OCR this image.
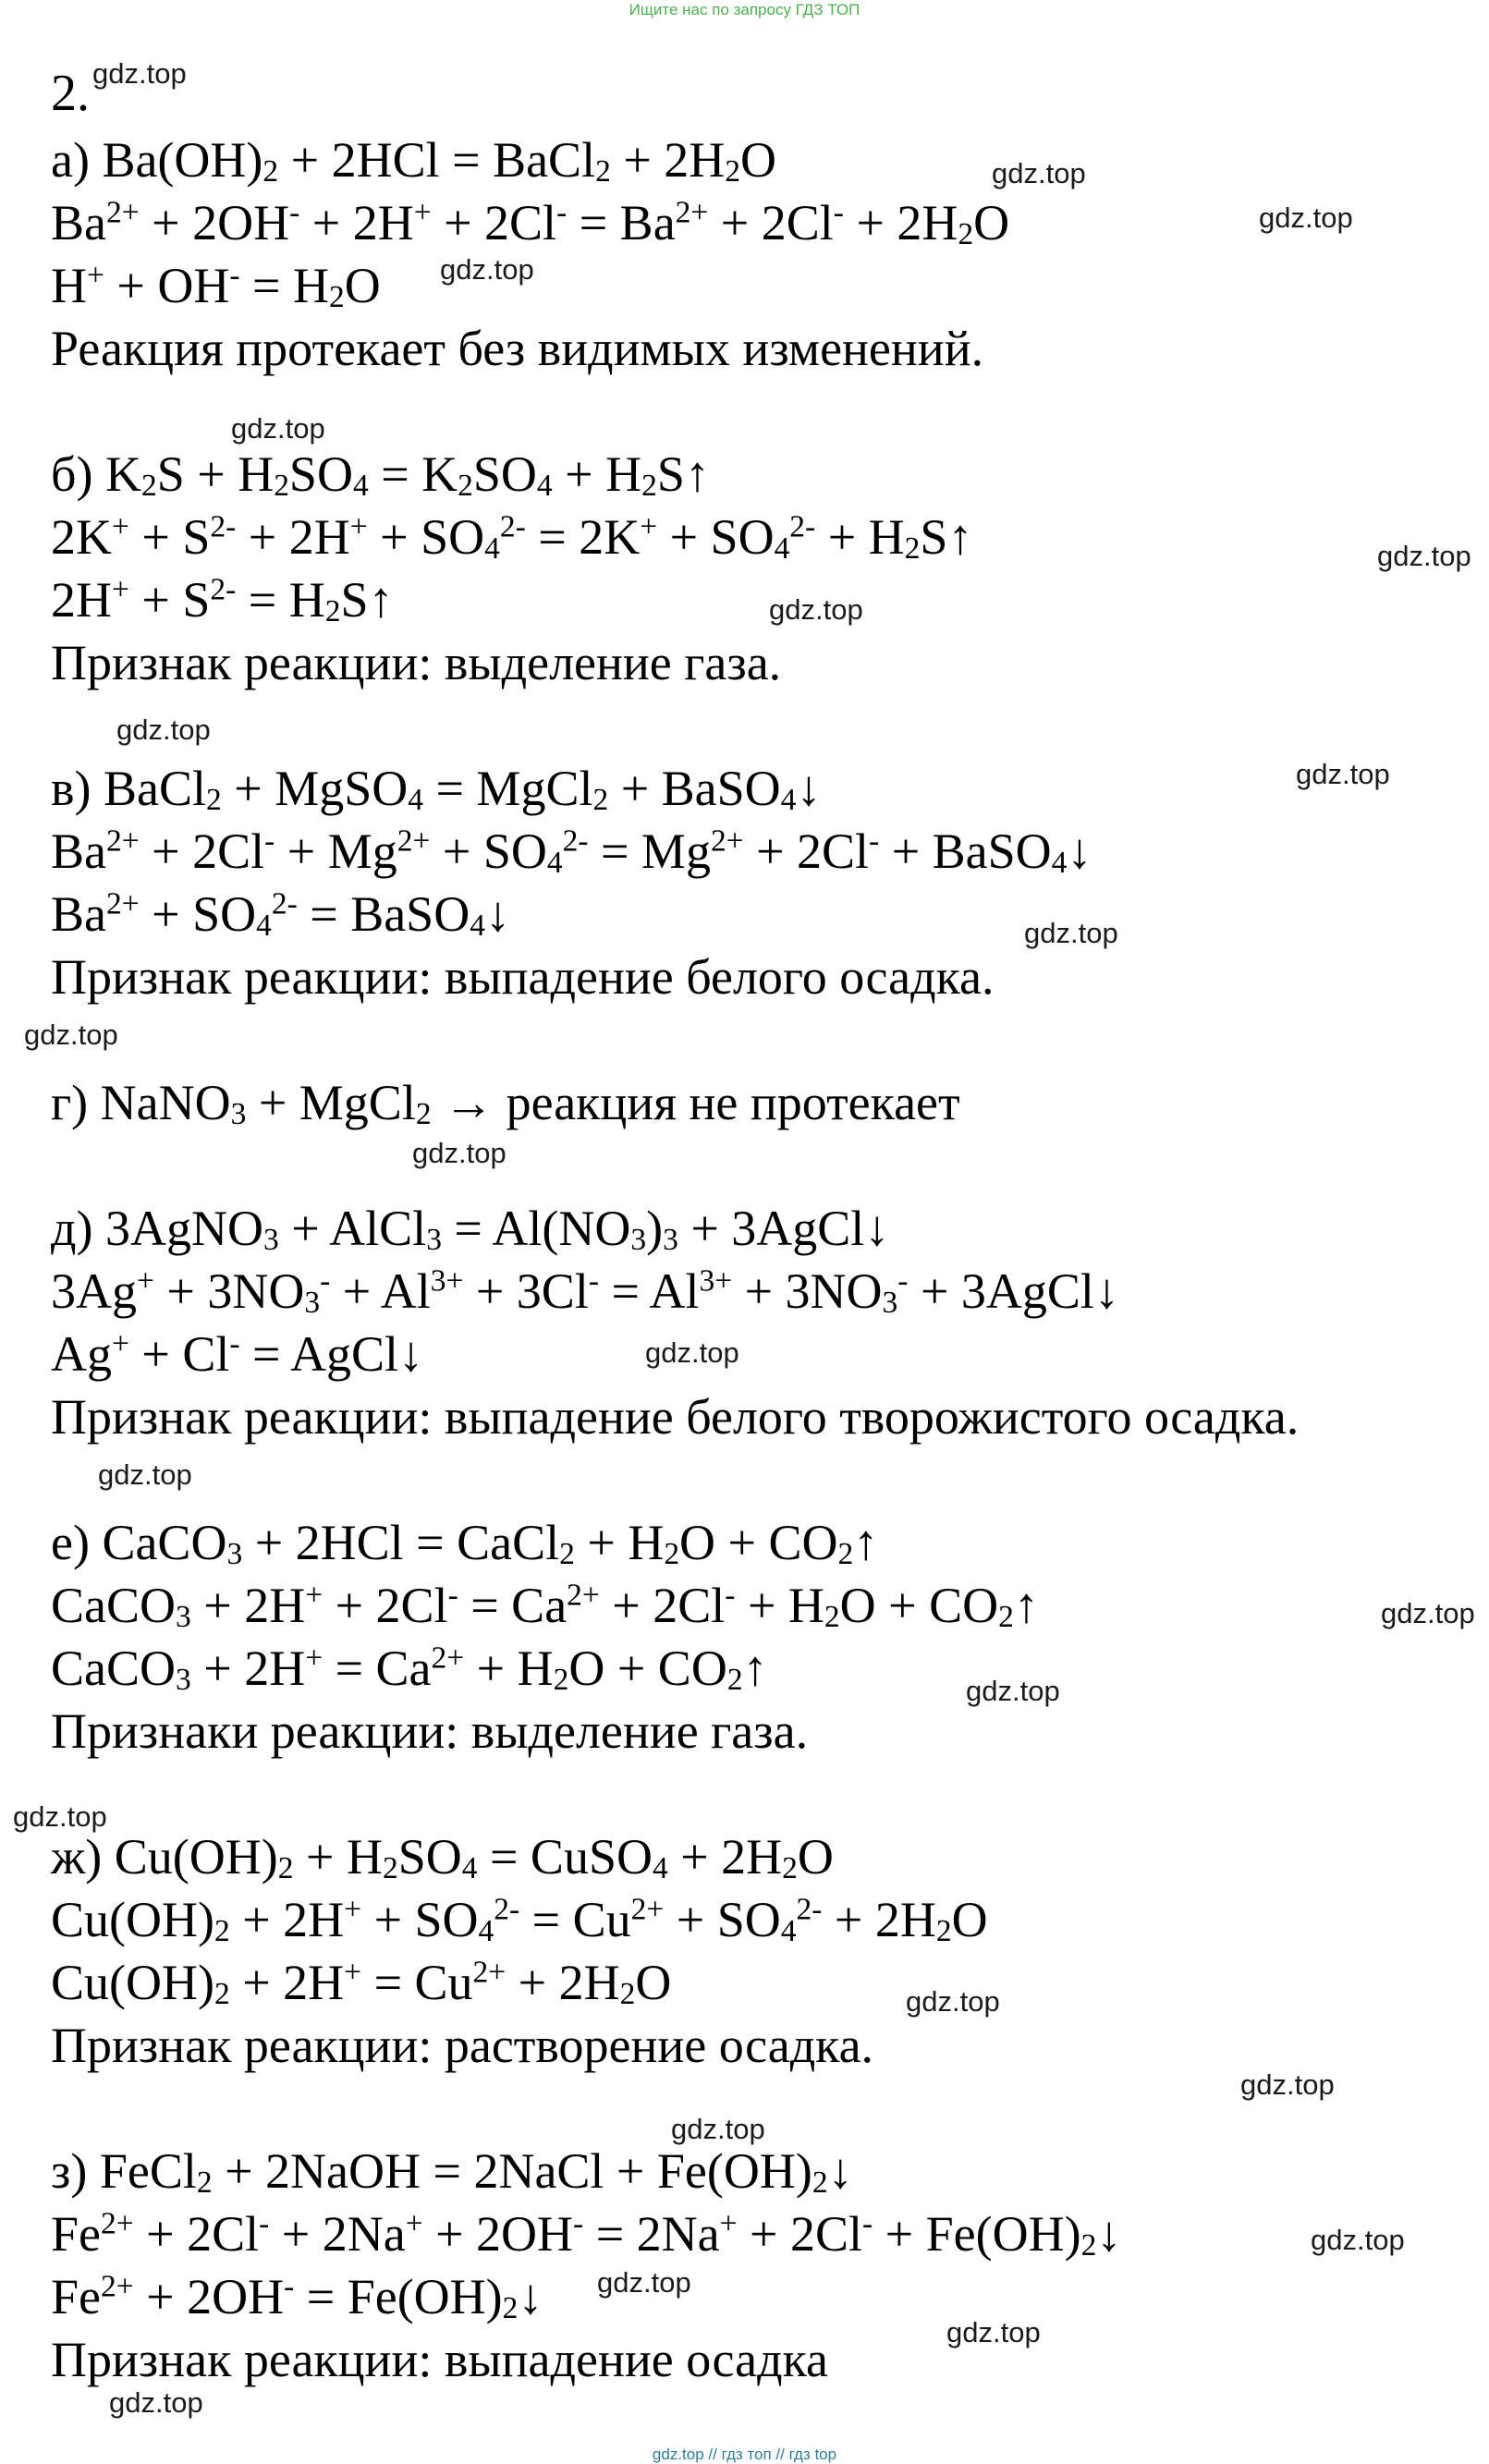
Ищите нас по запросу ГДЗ ТОП
2.
а) $Ba(OH)_2 + 2HCl$ = BaCl$_2$ + $2H_2O$
$Ba^{2+} + 2OH^- + 2H^+ + 2Cl^- = Ba^{2+} + 2Cl^- + 2H_2O$
$H^+ + OH^- = H_2O$
Реакция протекает без видимых изменений.
б) $K_2S + H_2SO_4 = K_2SO_4$ + $H_2S↑$
$2K^+ + S^{2-} + 2H^+ + SO_4^{2-} = 2K^+ + SO_4^{2-}$ + $H_2S↑$
$2H^+ + S^{2-}$ = $H_2S↑$
Признак реакции: выделение газа.
в) BaCl$_2$ + MgSO$_4$ = MgCl$_2$ + BaSO$_4$↓
$Ba^{2+} + 2Cl^- + Mg^{2+} + SO_4^{2-} = Mg^{2+} + 2Cl^-$ + BaSO$_4$↓
$Ba^{2+} + SO_4^{2-}$ = BaSO$_4$↓
Признак реакции: выпадение белого осадка.
г) NaNO$_3$ + MgCl$_2$ → реакция не протекает
д) 3AgNO$_3$ + AlCl$_3$ = $Al(NO_3)_3$ + 3AgCl↓
$3Ag^+ + 3NO_3^- + Al^{3+} + 3Cl^- = Al^{3+} + 3NO_3^-$ + 3AgCl↓
Ag+ + Cl- = AgCl↓
Признак реакции: выпадение белого творожистого осадка.
е) CaCO$_3$ + 2HCl = CaCl$_2$ + $H_2O$ + $CO_2↑$
CaCO$_3$ + $2H^+ + 2Cl^- = Ca^{2+} + 2Cl^- + H_2O$ + $CO_2↑$
CaCO$_3$ + $2H^+ = Ca^{2+} + H_2O$ + $CO_2↑$
Признаки реакции: выделение газа.
ж) $Cu(OH)_2 + H_2SO_4$ = CuSO$_4$ + $2H_2O$
$Cu(OH)_2 + 2H^+ + SO_4^{2-} = Cu^{2+} + SO_4^{2-} + 2H_2O$
$Cu(OH)_2 + 2H^+ = Cu^{2+} + 2H_2O$
Признак реакции: растворение осадка.
з) FeCl$_2$ + 2NaOH = 2NaCl + $Fe(OH)_2↓$
$Fe^{2+} + 2Cl^- + 2Na^+ + 2OH^- = 2Na^+ + 2Cl^-$ + $Fe(OH)_2↓$
$Fe^{2+} + 2OH^-$ = $Fe(OH)_2↓$
Признак реакции: выпадение осадка
gdz.top
gdz.top
gdz.top
gdz.top
gdz.top
gdz.top
gdz.top
gdz.top
gdz.top
gdz.top
gdz.top
gdz.top
gdz.top
gdz.top
gdz.top
gdz.top
gdz.top
gdz.top
gdz.top
gdz.top
gdz.top
gdz.top
gdz.top
gdz.top
gdz.top // гдз топ // гдз top
